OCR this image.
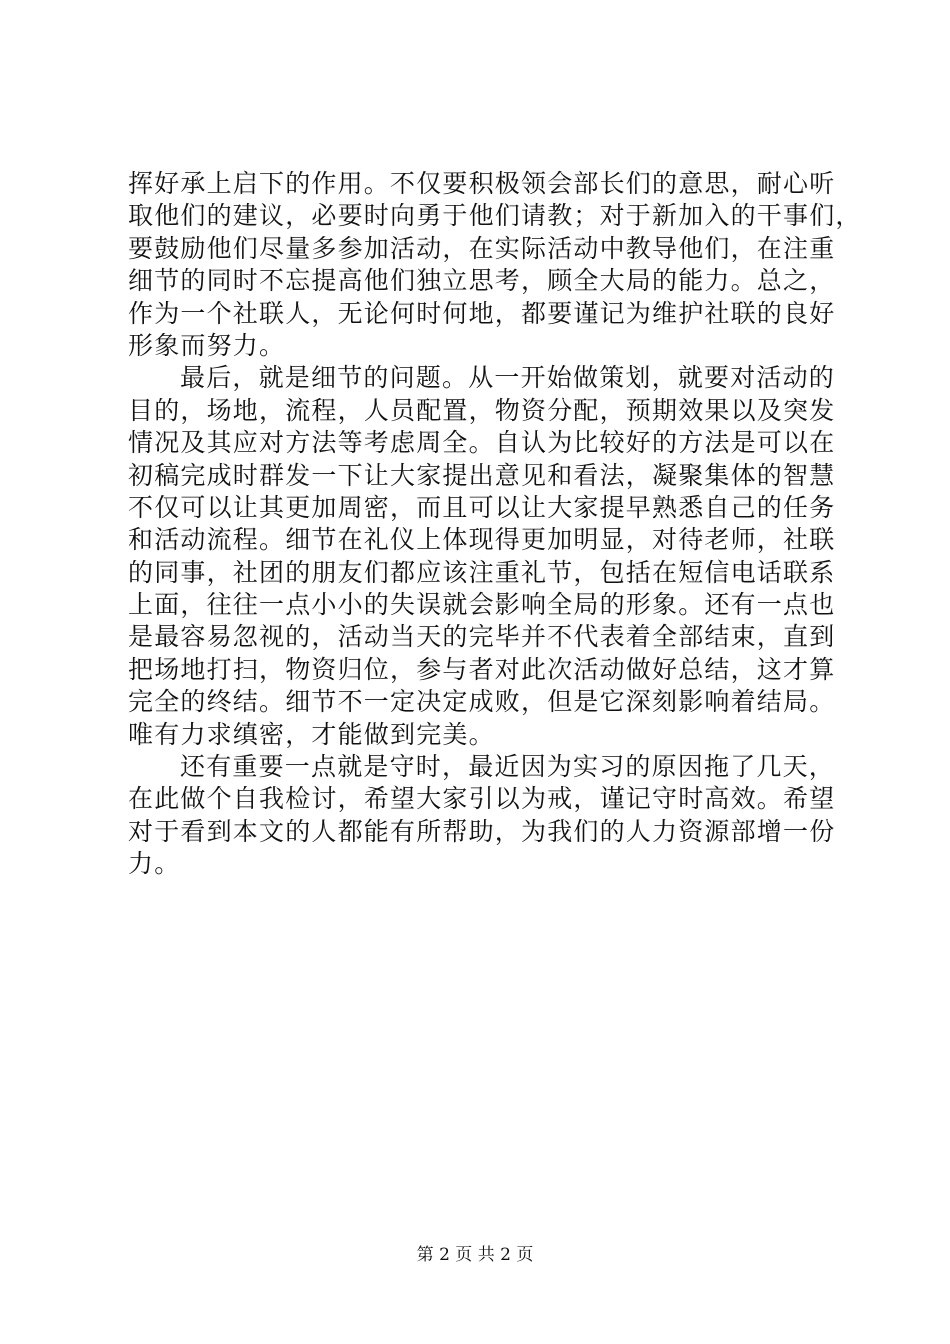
挥好承上启下的作用。不仅要积极领会部长们的意思，耐心听
取他们的建议，必要时向勇于他们请教；对于新加入的干事们，
要鼓励他们尽量多参加活动，在实际活动中教导他们，在注重
细节的同时不忘提高他们独立思考，顾全大局的能力。总之，
作为一个社联人，无论何时何地，都要谨记为维护社联的良好
形象而努力。
最后，就是细节的问题。从一开始做策划，就要对活动的
目的，场地，流程，人员配置，物资分配，预期效果以及突发
情况及其应对方法等考虑周全。自认为比较好的方法是可以在
初稿完成时群发一下让大家提出意见和看法，凝聚集体的智慧
不仅可以让其更加周密，而且可以让大家提早熟悉自己的任务
和活动流程。细节在礼仪上体现得更加明显，对待老师，社联
的同事，社团的朋友们都应该注重礼节，包括在短信电话联系
上面，往往一点小小的失误就会影响全局的形象。还有一点也
是最容易忽视的，活动当天的完毕并不代表着全部结束，直到
把场地打扫，物资归位，参与者对此次活动做好总结，这才算
完全的终结。细节不一定决定成败，但是它深刻影响着结局。
唯有力求缜密，才能做到完美。
还有重要一点就是守时，最近因为实习的原因拖了几天，
在此做个自我检讨，希望大家引以为戒，谨记守时高效。希望
对于看到本文的人都能有所帮助，为我们的人力资源部增一份
力。
第 2 页 共 2 页
